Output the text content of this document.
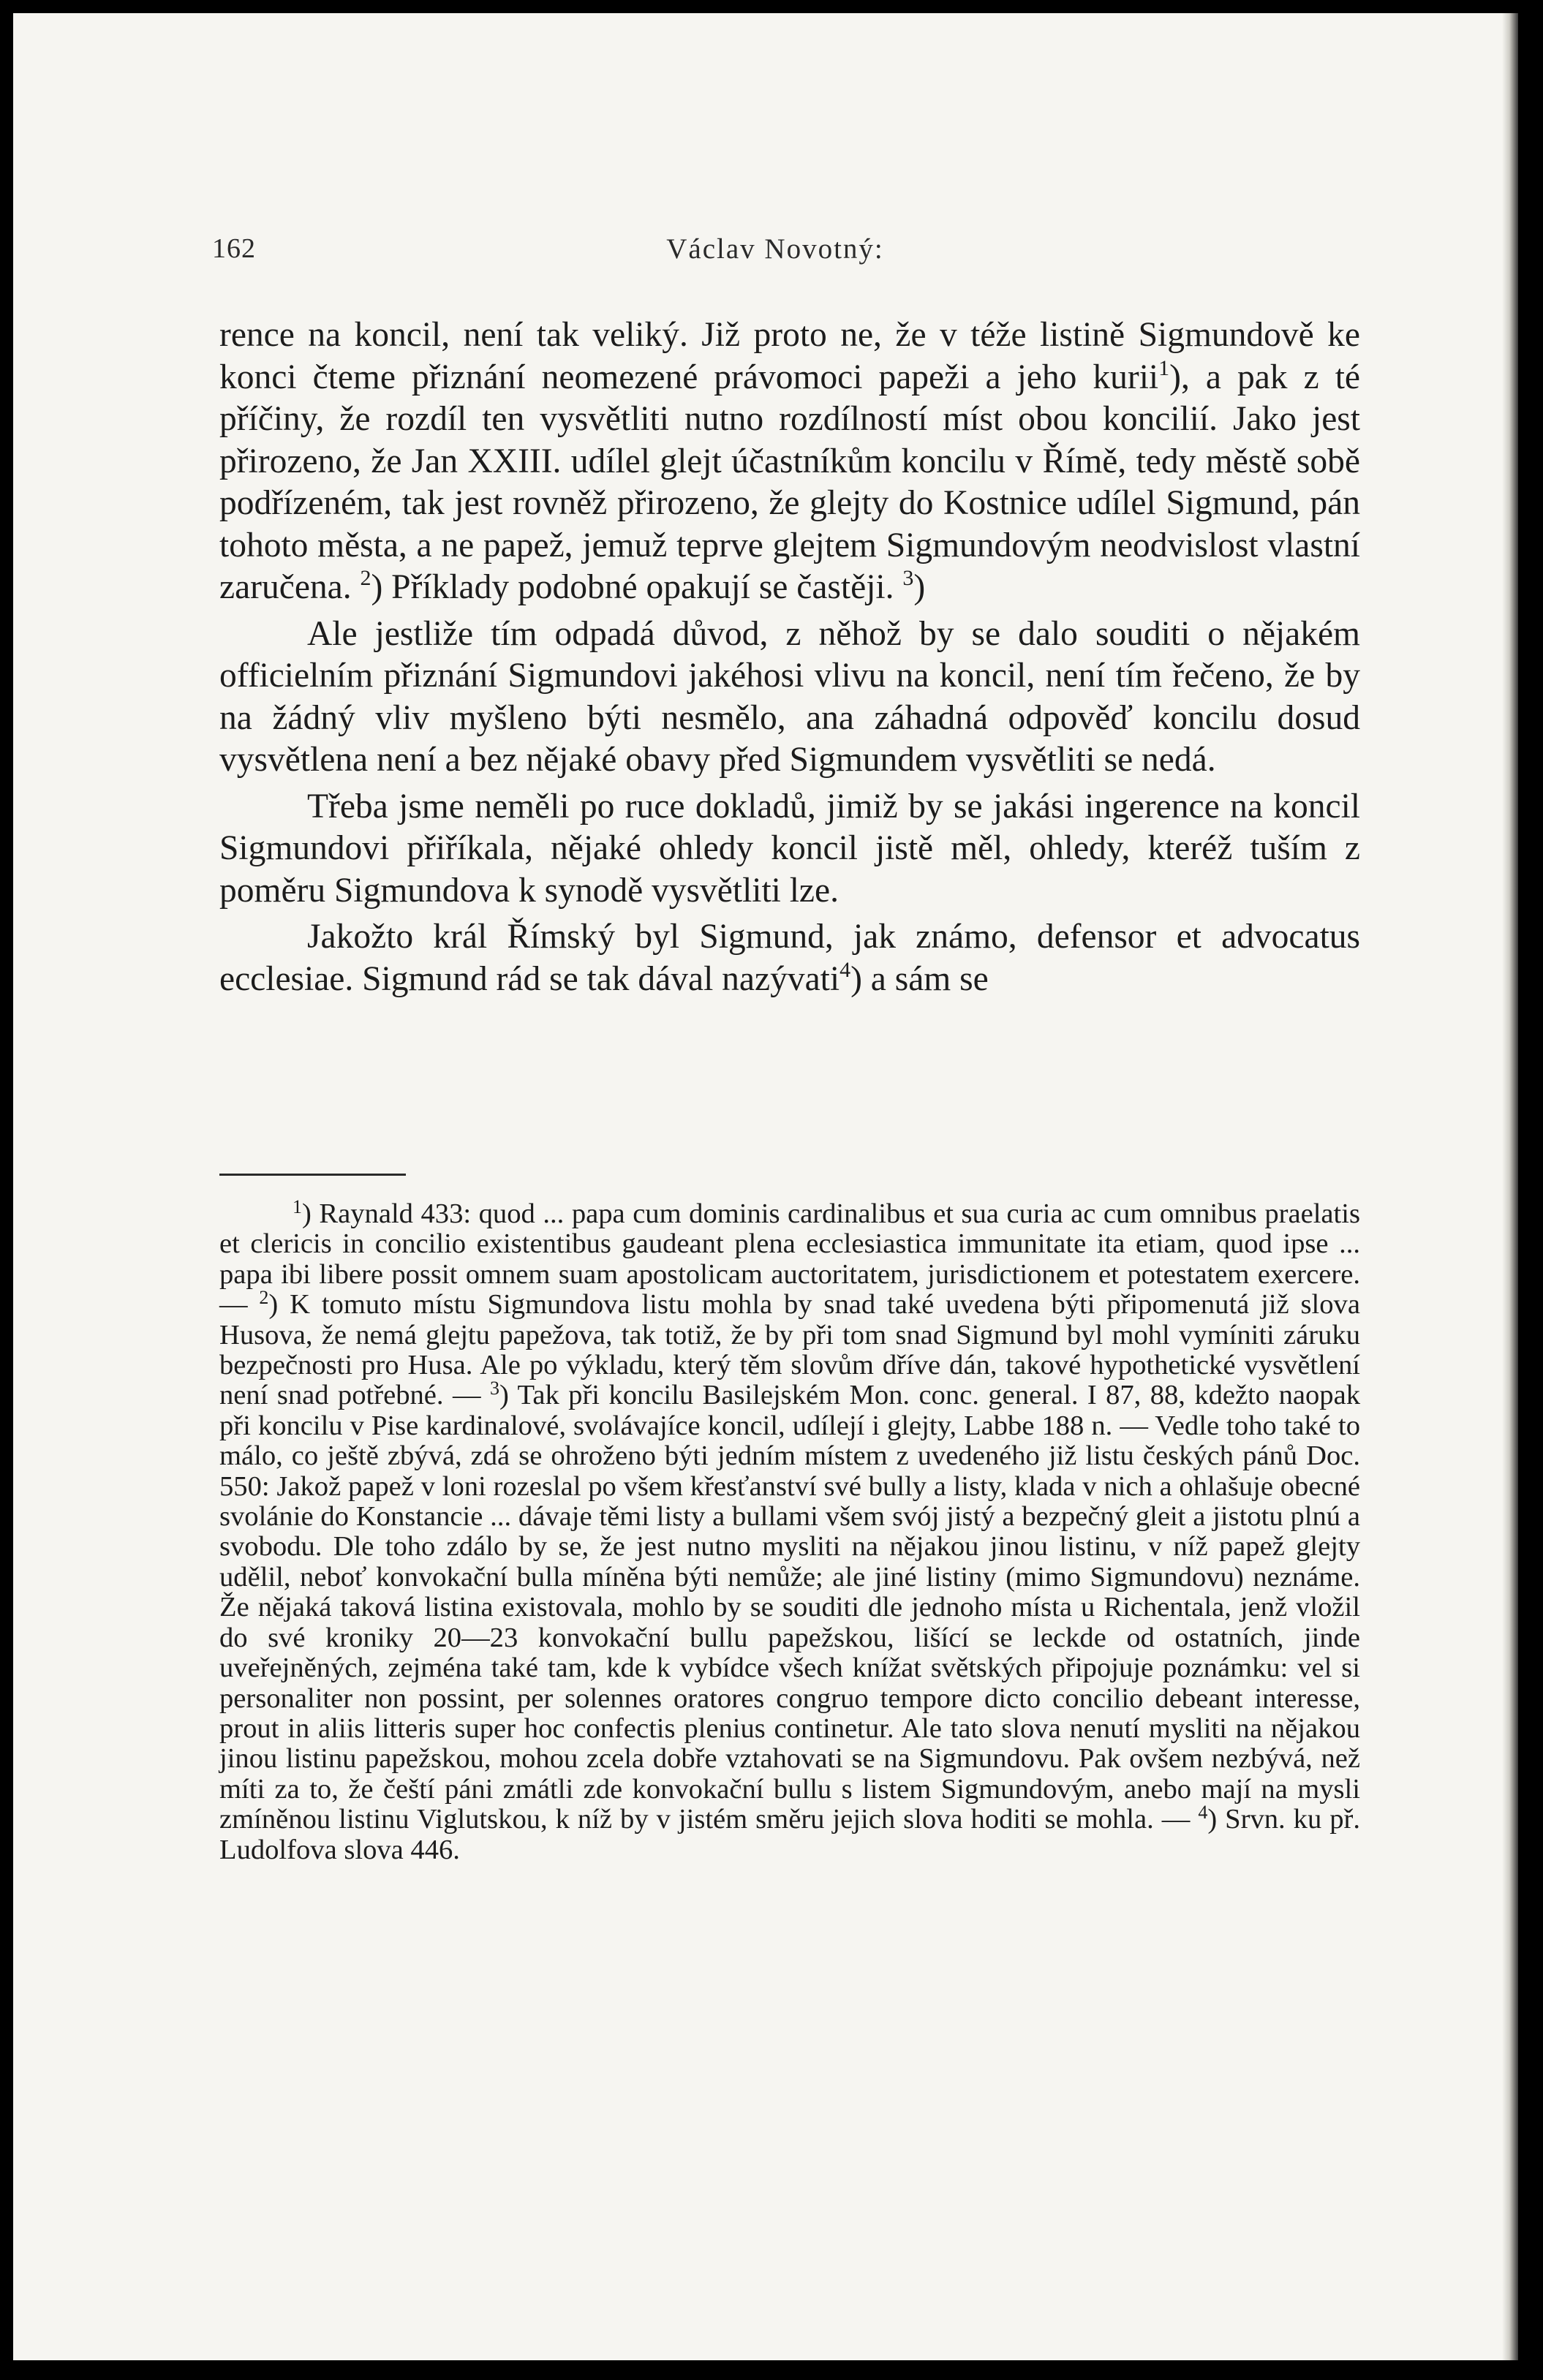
162	Václav Novotný:

rence na koncil, není tak veliký. Již proto ne, že v téže listině Sigmundově ke konci čteme přiznání neomezené právomoci papeži a jeho kurii$^1$), a pak z té příčiny, že rozdíl ten vysvětliti nutno rozdílností míst obou koncilií. Jako jest přirozeno, že Jan XXIII. udílel glejt účastníkům koncilu v Římě, tedy městě sobě podřízeném, tak jest rovněž přirozeno, že glejty do Kostnice udílel Sigmund, pán tohoto města, a ne papež, jemuž teprve glejtem Sigmundovým neodvislost vlastní zaručena. $^2$) Příklady podobné opakují se častěji. $^3$)

Ale jestliže tím odpadá důvod, z něhož by se dalo souditi o nějakém officielním přiznání Sigmundovi jakéhosi vlivu na koncil, není tím řečeno, že by na žádný vliv myšleno býti nesmělo, ana záhadná odpověď koncilu dosud vysvětlena není a bez nějaké obavy před Sigmundem vysvětliti se nedá.

Třeba jsme neměli po ruce dokladů, jimiž by se jakási ingerence na koncil Sigmundovi přiříkala, nějaké ohledy koncil jistě měl, ohledy, kteréž tuším z poměru Sigmundova k synodě vysvětliti lze.

Jakožto král Římský byl Sigmund, jak známo, defensor et advocatus ecclesiae. Sigmund rád se tak dával nazývati$^4$) a sám se

$^1$) Raynald 433: quod ... papa cum dominis cardinalibus et sua curia ac cum omnibus praelatis et clericis in concilio existentibus gaudeant plena ecclesiastica immunitate ita etiam, quod ipse ... papa ibi libere possit omnem suam apostolicam auctoritatem, jurisdictionem et potestatem exercere. — $^2$) K tomuto místu Sigmundova listu mohla by snad také uvedena býti připomenutá již slova Husova, že nemá glejtu papežova, tak totiž, že by při tom snad Sigmund byl mohl vymíniti záruku bezpečnosti pro Husa. Ale po výkladu, který těm slovům dříve dán, takové hypothetické vysvětlení není snad potřebné. — $^3$) Tak při koncilu Basilejském Mon. conc. general. I 87, 88, kdežto naopak při koncilu v Pise kardinalové, svolávajíce koncil, udílejí i glejty, Labbe 188 n. — Vedle toho také to málo, co ještě zbývá, zdá se ohroženo býti jedním místem z uvedeného již listu českých pánů Doc. 550: Jakož papež v loni rozeslal po všem křesťanství své bully a listy, klada v nich a ohlašuje obecné svolánie do Konstancie ... dávaje těmi listy a bullami všem svój jistý a bezpečný gleit a jistotu plnú a svobodu. Dle toho zdálo by se, že jest nutno mysliti na nějakou jinou listinu, v níž papež glejty udělil, neboť konvokační bulla míněna býti nemůže; ale jiné listiny (mimo Sigmundovu) neznáme. Že nějaká taková listina existovala, mohlo by se souditi dle jednoho místa u Richentala, jenž vložil do své kroniky 20—23 konvokační bullu papežskou, lišící se leckde od ostatních, jinde uveřejněných, zejména také tam, kde k vybídce všech knížat světských připojuje poznámku: vel si personaliter non possint, per solennes oratores congruo tempore dicto concilio debeant interesse, prout in aliis litteris super hoc confectis plenius continetur. Ale tato slova nenutí mysliti na nějakou jinou listinu papežskou, mohou zcela dobře vztahovati se na Sigmundovu. Pak ovšem nezbývá, než míti za to, že čeští páni zmátli zde konvokační bullu s listem Sigmundovým, anebo mají na mysli zmíněnou listinu Viglutskou, k níž by v jistém směru jejich slova hoditi se mohla. — $^4$) Srvn. ku př. Ludolfova slova 446.
